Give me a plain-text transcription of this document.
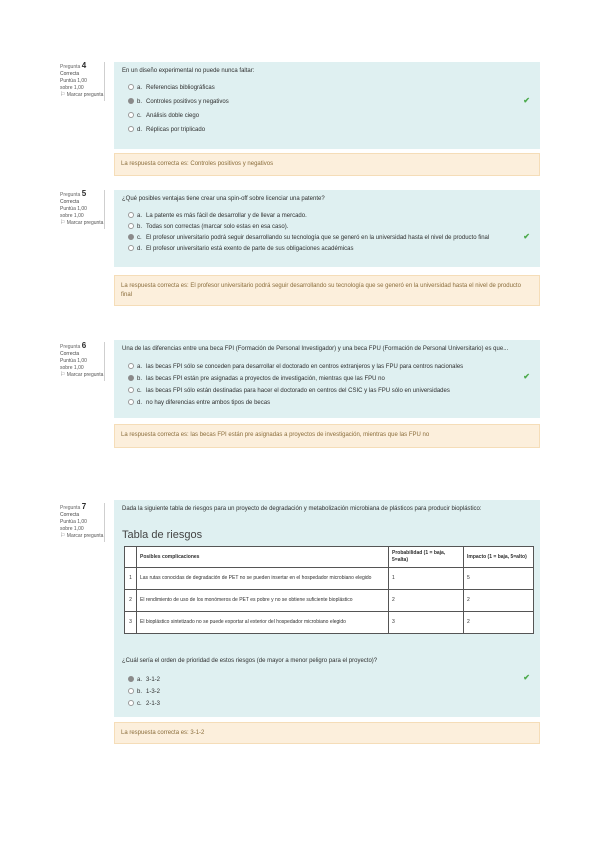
Pregunta 4
Correcta
Puntúa 1,00
sobre 1,00
⚐ Marcar pregunta
En un diseño experimental no puede nunca faltar:
a. Referencias bibliográficas
b. Controles positivos y negativos
c. Análisis doble ciego
d. Réplicas por triplicado
✔
La respuesta correcta es: Controles positivos y negativos
Pregunta 5
Correcta
Puntúa 1,00
sobre 1,00
⚐ Marcar pregunta
¿Qué posibles ventajas tiene crear una spin-off sobre licenciar una patente?
a. La patente es más fácil de desarrollar y de llevar a mercado.
b. Todas son correctas (marcar solo estas en esa caso).
c. El profesor universitario podrá seguir desarrollando su tecnología que se generó en la universidad hasta el nivel de producto final
d. El profesor universitario está exento de parte de sus obligaciones académicas
✔
La respuesta correcta es: El profesor universitario podrá seguir desarrollando su tecnología que se generó en la universidad hasta el nivel de producto final
Pregunta 6
Correcta
Puntúa 1,00
sobre 1,00
⚐ Marcar pregunta
Una de las diferencias entre una beca FPI (Formación de Personal Investigador) y una beca FPU (Formación de Personal Universitario) es que...
a. las becas FPI sólo se conceden para desarrollar el doctorado en centros extranjeros y las FPU para centros nacionales
b. las becas FPI están pre asignadas a proyectos de investigación, mientras que las FPU no
c. las becas FPI sólo están destinadas para hacer el doctorado en centros del CSIC y las FPU sólo en universidades
d. no hay diferencias entre ambos tipos de becas
✔
La respuesta correcta es: las becas FPI están pre asignadas a proyectos de investigación, mientras que las FPU no
Pregunta 7
Correcta
Puntúa 1,00
sobre 1,00
⚐ Marcar pregunta
Dada la siguiente tabla de riesgos para un proyecto de degradación y metabolización microbiana de plásticos para producir bioplástico:
Tabla de riesgos
	Posibles complicaciones	Probabilidad (1 = baja, 5=alta)	Impacto (1 = baja, 5=alto)
1	Las rutas conocidas de degradación de PET no se pueden insertar en el hospedador microbiano elegido	1	5
2	El rendimiento de uso de los monómeros de PET es pobre y no se obtiene suficiente bioplástico	2	2
3	El bioplástico sintetizado no se puede exportar al exterior del hospedador microbiano elegido	3	2
¿Cuál sería el orden de prioridad de estos riesgos (de mayor a menor peligro para el proyecto)?
a. 3-1-2
b. 1-3-2
c. 2-1-3
✔
La respuesta correcta es: 3-1-2
